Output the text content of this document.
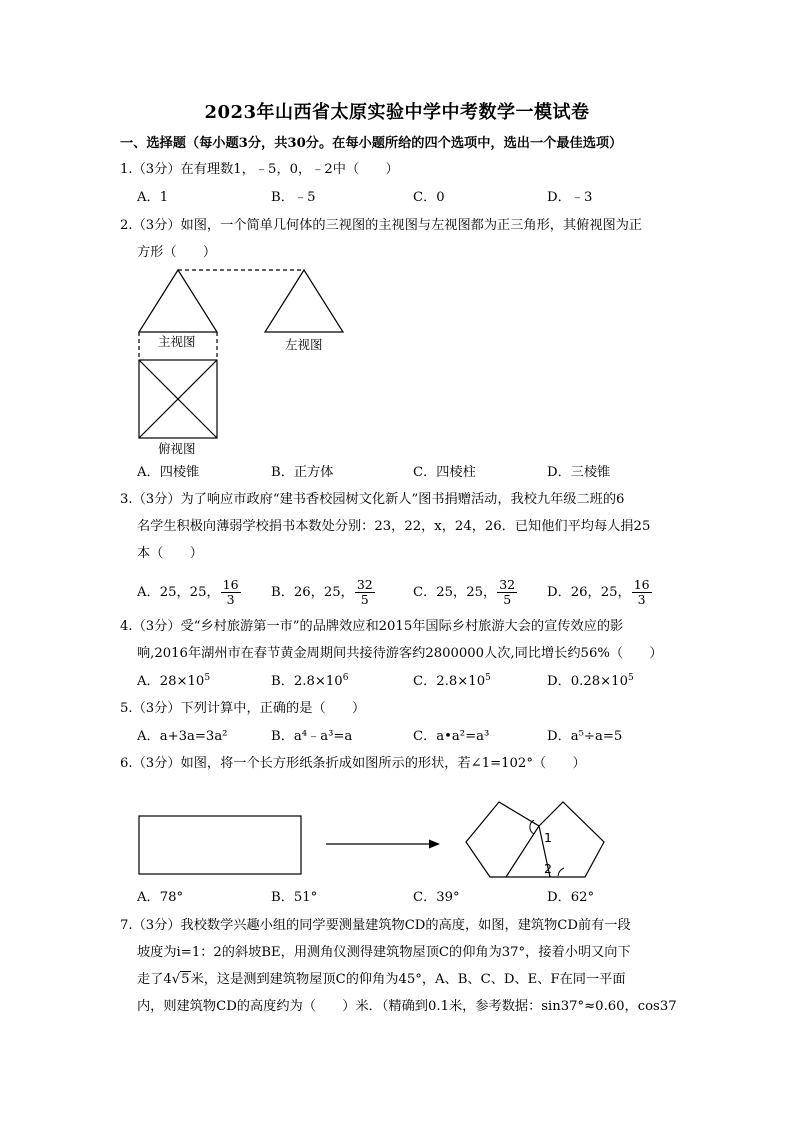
2023年山西省太原实验中学中考数学一模试卷
一、选择题（每小题3分，共30分。在每小题所给的四个选项中，选出一个最佳选项）
1.（3分）在有理数1，﹣5，0，﹣2中（　　）
A．1	B．﹣5	C．0	D．﹣3
2.（3分）如图，一个简单几何体的三视图的主视图与左视图都为正三角形，其俯视图为正
方形（　　）
主视图	左视图
俯视图
A．四棱锥	B．正方体	C．四棱柱	D．三棱锥
3.（3分）为了响应市政府“建书香校园树文化新人”图书捐赠活动，我校九年级二班的6
名学生积极向薄弱学校捐书本数处分别：23，22，x，24，26．已知他们平均每人捐25
本（　　）
A．25，25， $\frac{16}{3}$ B．26，25， $\frac{32}{5}$	C．25，25， $\frac{32}{5}$ D．26，25， $\frac{16}{3}$
4.（3分）受“乡村旅游第一市”的品牌效应和2015年国际乡村旅游大会的宣传效应的影
响,2016年湖州市在春节黄金周期间共接待游客约2800000人次,同比增长约56%（　　）
A．$28\times 10^5$	B．$2.8\times 10^6$	C．$2.8\times 10^5$	D．$0.28\times 10^5$
5.（3分）下列计算中，正确的是（　　）
A．a+3a=3a²	B．a⁴﹣a³=a	C．a•a²=a³	D．a⁵÷a=5
6.（3分）如图，将一个长方形纸条折成如图所示的形状，若∠1=102°（　　）
1
2
A．78°	B．51°	C．39°	D．62°
7.（3分）我校数学兴趣小组的同学要测量建筑物CD的高度，如图，建筑物CD前有一段
坡度为i=1：2的斜坡BE，用测角仪测得建筑物屋顶C的仰角为37°，接着小明又向下
走了4√5米，这是测到建筑物屋顶C的仰角为45°，A、B、C、D、E、F在同一平面
内，则建筑物CD的高度约为（　　）米．（精确到0.1米，参考数据：sin37°≈0.60，cos37
